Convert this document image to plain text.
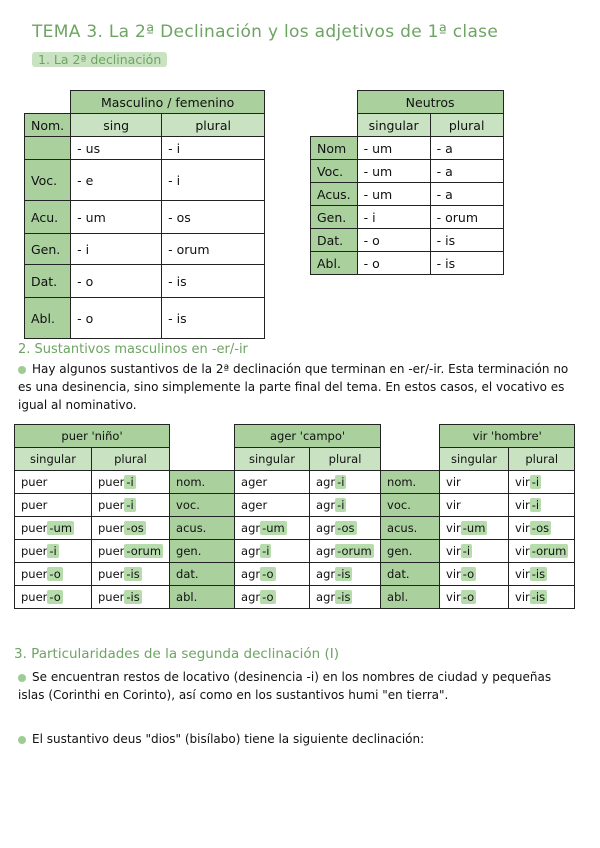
TEMA 3. La 2ª Declinación y los adjetivos de 1ª clase
1. La 2ª declinación
	Masculino / femenino	
Nom.	sing	plural
	- us	- i
Voc.	- e	- i
Acu.	- um	- os
Gen.	- i	- orum
Dat.	- o	- is
Abl.	- o	- is
	Neutros	
	singular	plural
Nom	- um	- a
Voc.	- um	- a
Acus.	- um	- a
Gen.	- i	- orum
Dat.	- o	- is
Abl.	- o	- is
2. Sustantivos masculinos en -er/-ir
Hay algunos sustantivos de la 2ª declinación que terminan en -er/-ir. Esta terminación no es una desinencia, sino simplemente la parte final del tema. En estos casos, el vocativo es igual al nominativo.
puer 'niño'			ager 'campo'			vir 'hombre'	
singular	plural		singular	plural		singular	plural
puer	puer -i	nom.	ager	agr -i	nom.	vir	vir -i
puer	puer -i	voc.	ager	agr -i	voc.	vir	vir -i
puer -um	puer -os	acus.	agr -um	agr -os	acus.	vir -um	vir -os
puer -i	puer -orum	gen.	agr -i	agr -orum	gen.	vir -i	vir -orum
puer -o	puer -is	dat.	agr -o	agr -is	dat.	vir -o	vir -is
puer -o	puer -is	abl.	agr -o	agr -is	abl.	vir -o	vir -is
3. Particularidades de la segunda declinación (I)
Se encuentran restos de locativo (desinencia -i) en los nombres de ciudad y pequeñas islas (Corinthi en Corinto), así como en los sustantivos humi "en tierra".
El sustantivo deus "dios" (bisílabo) tiene la siguiente declinación:
